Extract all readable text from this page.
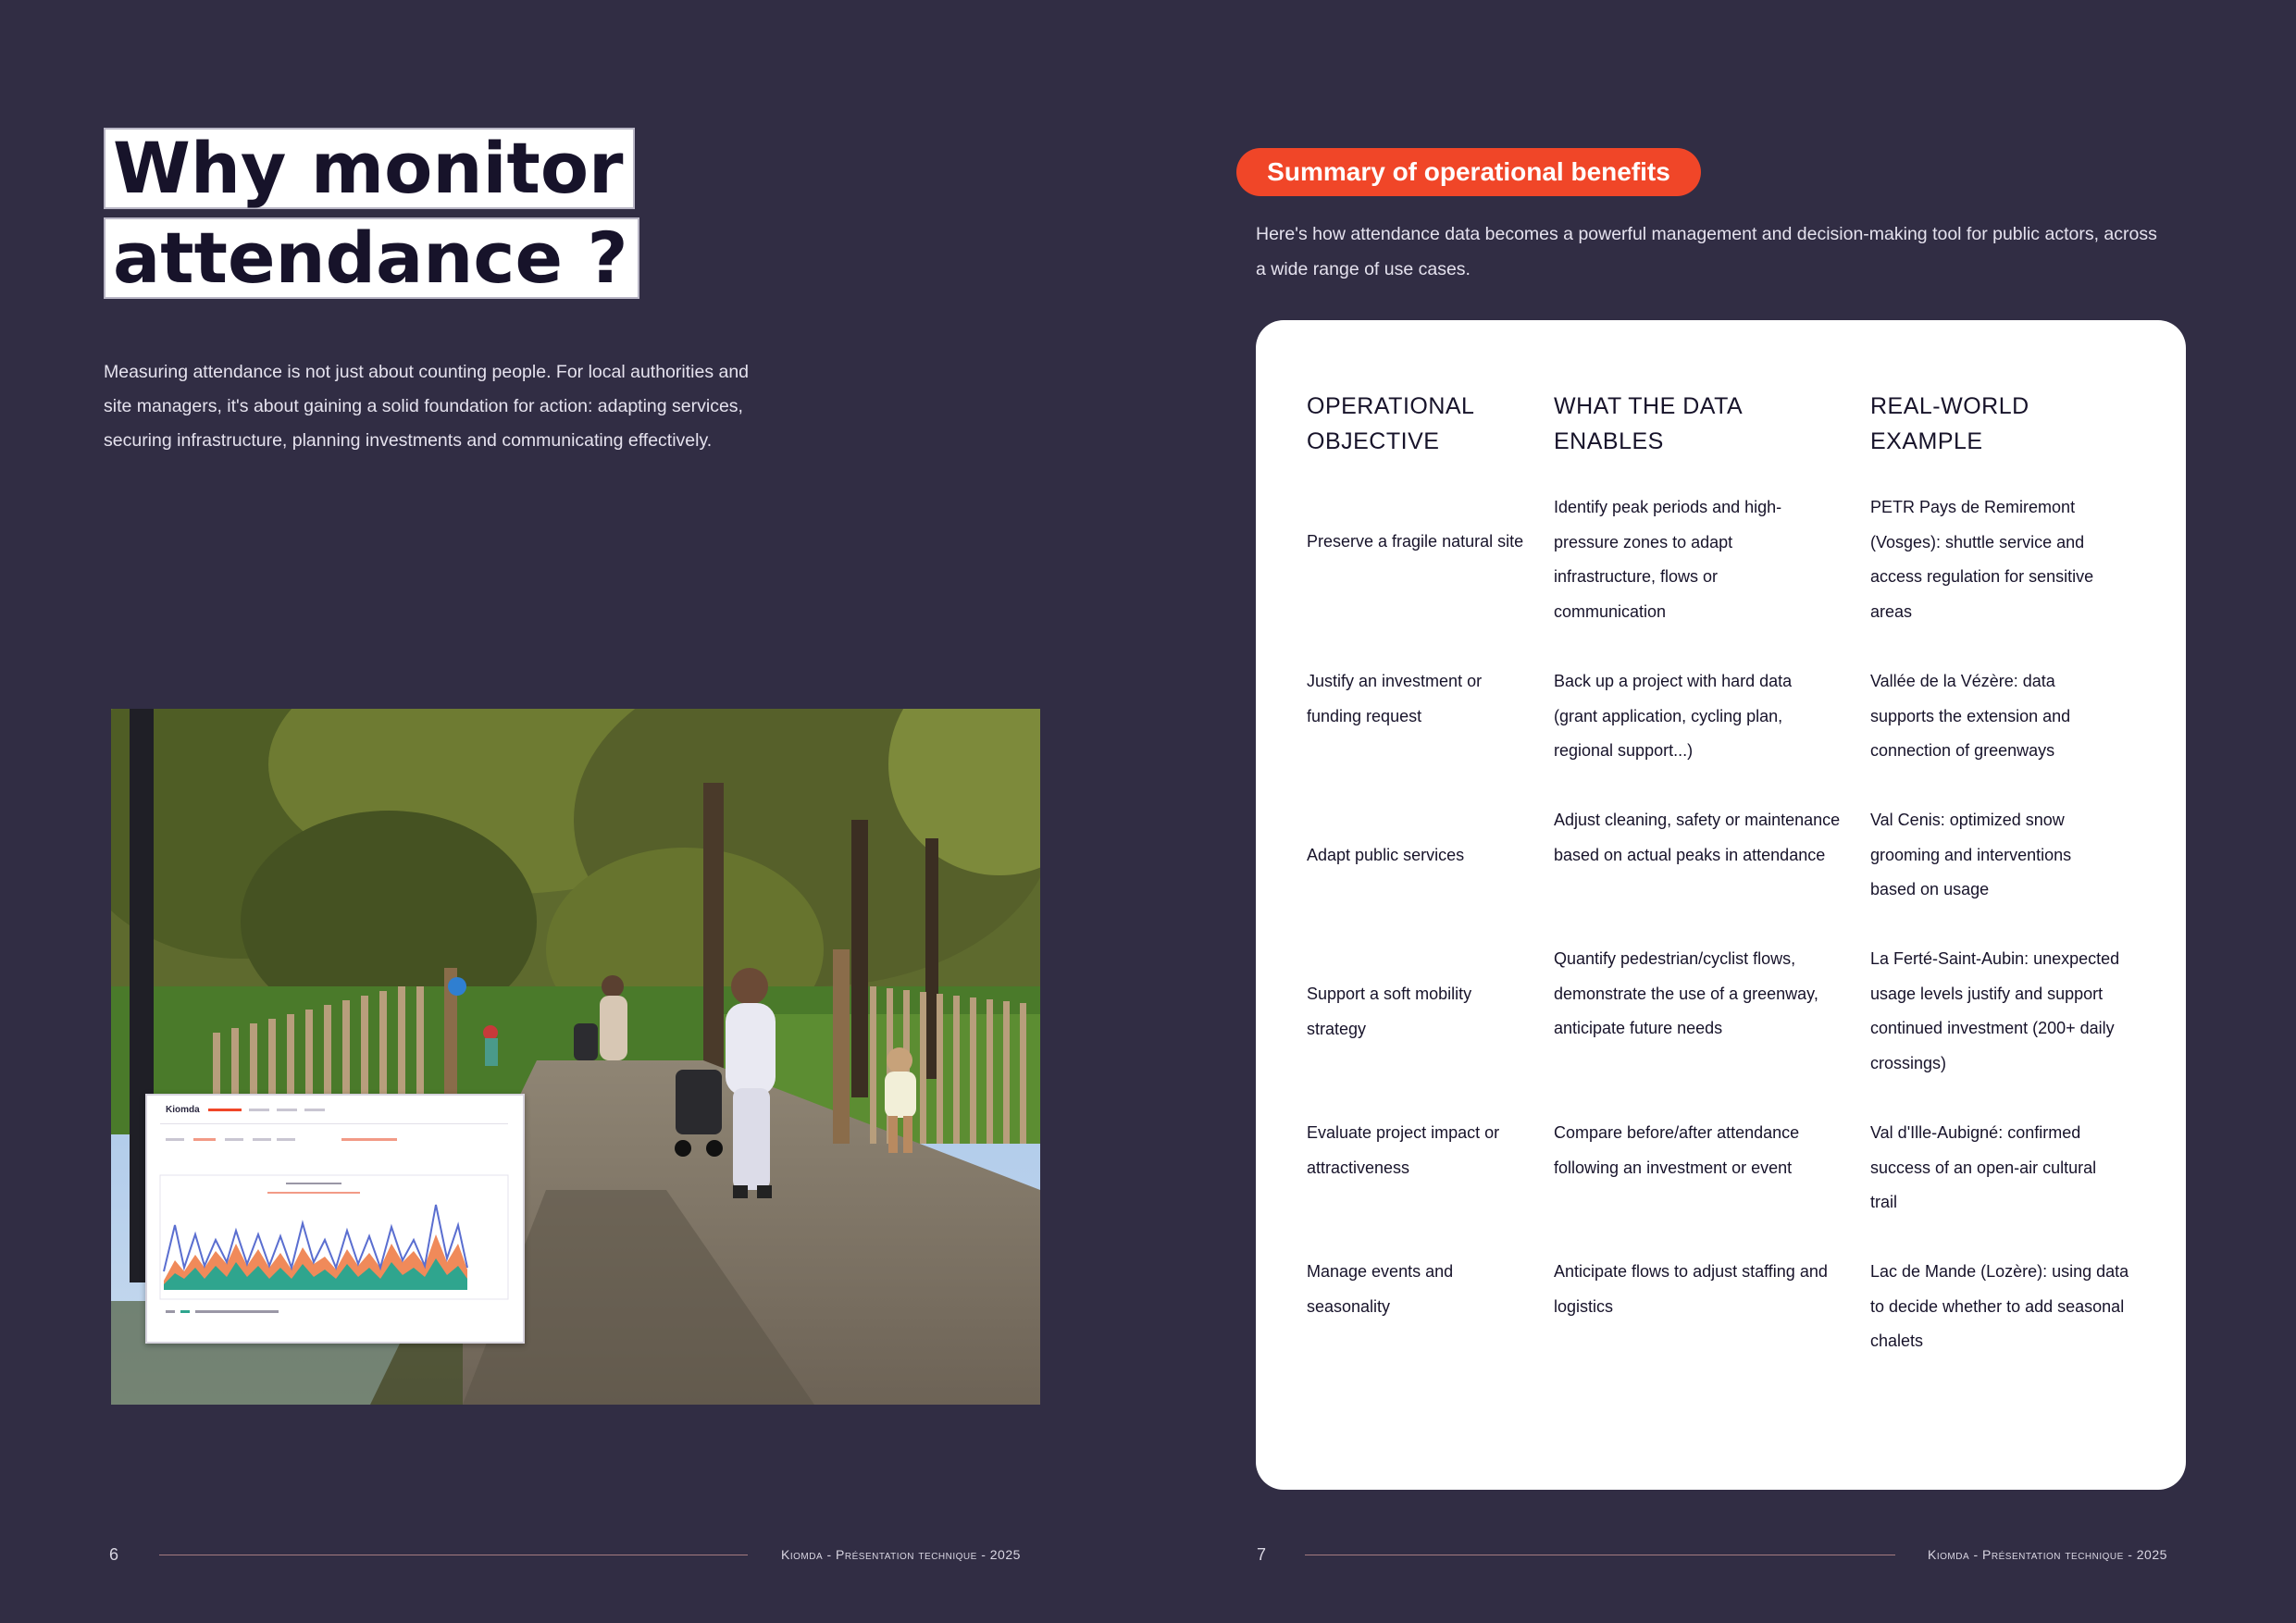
Why monitor
attendance ?

Measuring attendance is not just about counting people. For local authorities and site managers, it's about gaining a solid foundation for action: adapting services, securing infrastructure, planning investments and communicating effectively.

Kiomda
6	Kiomda - Présentation technique - 2025
Summary of operational benefits

Here's how attendance data becomes a powerful management and decision-making tool for public actors, across a wide range of use cases.

OPERATIONAL OBJECTIVE
WHAT THE DATA ENABLES
REAL-WORLD EXAMPLE
Preserve a fragile natural site
Identify peak periods and high-pressure zones to adapt infrastructure, flows or communication
PETR Pays de Remiremont (Vosges): shuttle service and access regulation for sensitive areas
Justify an investment or funding request
Back up a project with hard data (grant application, cycling plan, regional support...)
Vallée de la Vézère: data supports the extension and connection of greenways
Adapt public services
Adjust cleaning, safety or maintenance based on actual peaks in attendance
Val Cenis: optimized snow grooming and interventions based on usage
Support a soft mobility strategy
Quantify pedestrian/cyclist flows, demonstrate the use of a greenway, anticipate future needs
La Ferté-Saint-Aubin: unexpected usage levels justify and support continued investment (200+ daily crossings)
Evaluate project impact or attractiveness
Compare before/after attendance following an investment or event
Val d'Ille-Aubigné: confirmed success of an open-air cultural trail
Manage events and seasonality
Anticipate flows to adjust staffing and logistics
Lac de Mande (Lozère): using data to decide whether to add seasonal chalets
7	Kiomda - Présentation technique - 2025
